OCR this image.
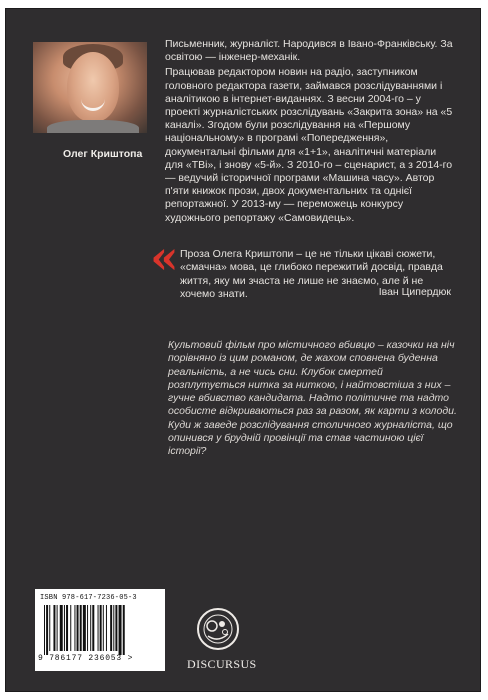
Олег Криштопа

Письменник, журналіст. Народився в Івано-Франківську. За освітою — інженер-механік.

Працював редактором новин на радіо, заступником головного редактора газети, займався розслідуваннями і аналітикою в інтернет-виданнях. З весни 2004-го – у проекті журналістських розслідувань «Закрита зона» на «5 каналі». Згодом були розслідування на «Першому національному» в програмі «Попередження», документальні фільми для «1+1», аналітичні матеріали для «ТВі», і знову «5-й». З 2010-го – сценарист, а з 2014-го — ведучий історичної програми «Машина часу». Автор п'яти книжок прози, двох документальних та однієї репортажної. У 2013-му — переможець конкурсу художнього репортажу «Самовидець».

« Проза Олега Криштопи – це не тільки цікаві сюжети, «смачна» мова, це глибоко пережитий досвід, правда життя, яку ми зчаста не лише не знаємо, але й не хочемо знати.	Іван Ципердюк

Культовий фільм про містичного вбивцю – казочки на ніч порівняно із цим романом, де жахом сповнена буденна реальність, а не чись сни. Клубок смертей розплутується нитка за ниткою, і найтовстіша з них – гучне вбивство кандидата. Надто політичне та надто особисте відкриваються раз за разом, як карти з колоди. Куди ж заведе розслідування столичного журналіста, що опинився у брудній провінції та став частиною цієї історії?

ISBN 978-617-7236-05-3
9 786177 236053 >	DISCURSUS
